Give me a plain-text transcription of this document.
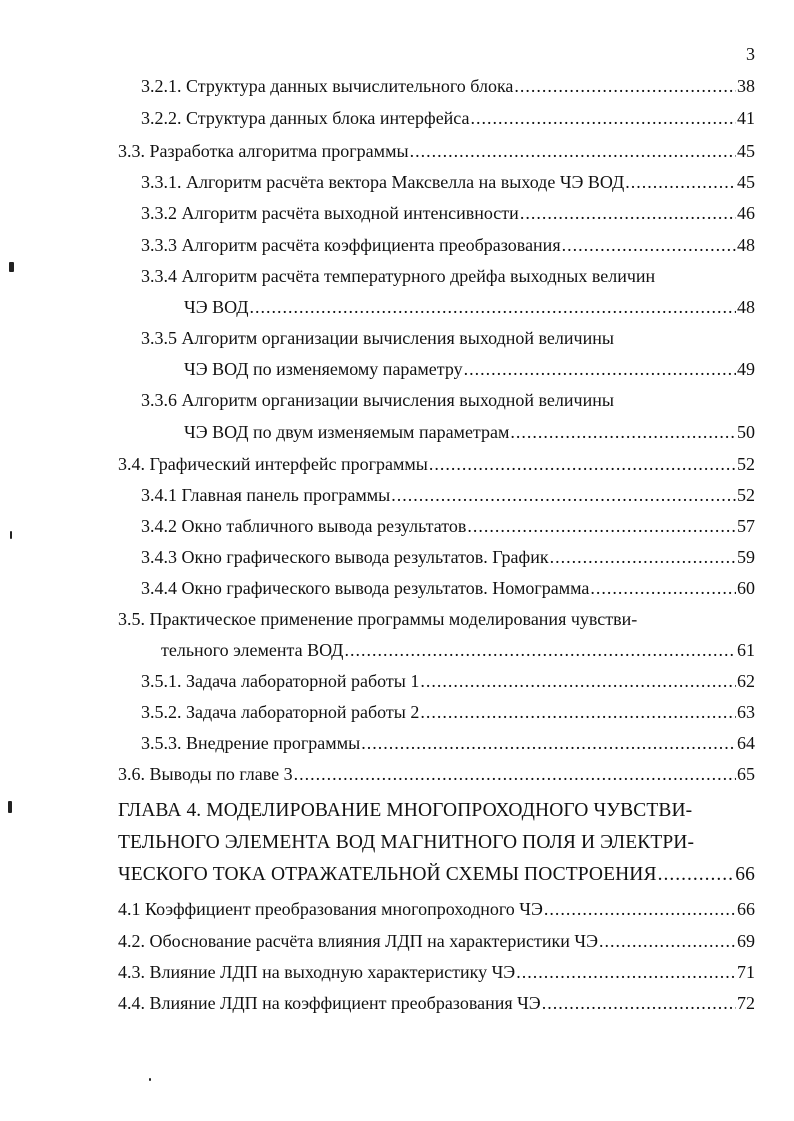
3
3.2.1. Структура данных вычислительного блока .....	38
3.2.2. Структура данных блока интерфейса .....	41
3.3. Разработка алгоритма программы .....	45
3.3.1. Алгоритм расчёта вектора Максвелла на выходе ЧЭ ВОД .....	45
3.3.2 Алгоритм расчёта выходной интенсивности .....	46
3.3.3 Алгоритм расчёта коэффициента преобразования .....	48
3.3.4 Алгоритм расчёта температурного дрейфа выходных величин
ЧЭ ВОД .....	48
3.3.5 Алгоритм организации вычисления выходной величины
ЧЭ ВОД по изменяемому параметру .....	49
3.3.6 Алгоритм организации вычисления выходной величины
ЧЭ ВОД по двум изменяемым параметрам .....	50
3.4. Графический интерфейс программы .....	52
3.4.1 Главная панель программы .....	52
3.4.2 Окно табличного вывода результатов .....	57
3.4.3 Окно графического вывода результатов. График .....	59
3.4.4 Окно графического вывода результатов. Номограмма .....	60
3.5. Практическое применение программы моделирования чувстви-
тельного элемента ВОД .....	61
3.5.1. Задача лабораторной работы 1 .....	62
3.5.2. Задача лабораторной работы 2 .....	63
3.5.3. Внедрение программы .....	64
3.6. Выводы по главе 3 .....	65
ГЛАВА 4. МОДЕЛИРОВАНИЕ МНОГОПРОХОДНОГО ЧУВСТВИ-
ТЕЛЬНОГО ЭЛЕМЕНТА ВОД МАГНИТНОГО ПОЛЯ И ЭЛЕКТРИ-
ЧЕСКОГО ТОКА ОТРАЖАТЕЛЬНОЙ СХЕМЫ ПОСТРОЕНИЯ .....	66
4.1 Коэффициент преобразования многопроходного ЧЭ .....	66
4.2. Обоснование расчёта влияния ЛДП на характеристики ЧЭ .....	69
4.3. Влияние ЛДП на выходную характеристику ЧЭ .....	71
4.4. Влияние ЛДП на коэффициент преобразования ЧЭ .....	72
